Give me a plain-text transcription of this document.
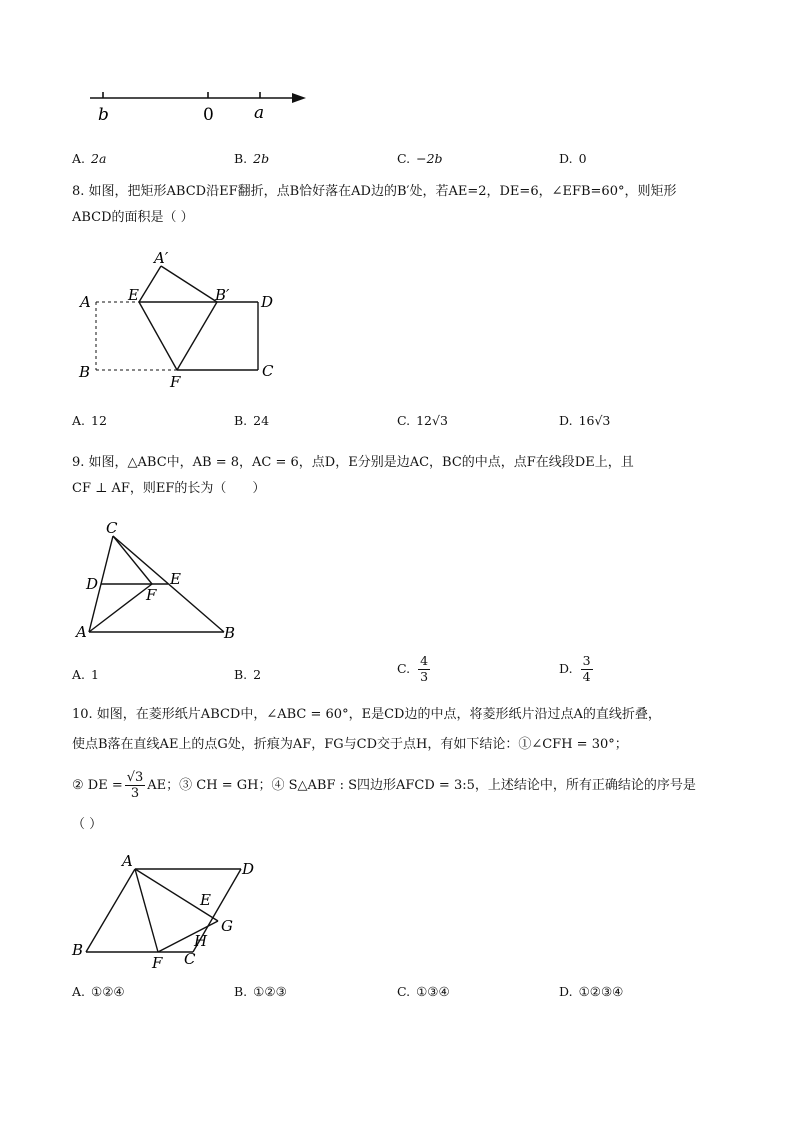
b	0 a
A. 2a	B. 2b	C. −2b	D. 0
8. 如图，把矩形ABCD沿EF翻折，点B恰好落在AD边的B′处，若AE=2，DE=6，∠EFB=60°，则矩形
ABCD的面积是（ ）
A′
A E	B′ D
B
F
C
A. 12	B. 24	C. 12√3	D. 16√3
9. 如图，△ABC中，AB = 8，AC = 6，点D，E分别是边AC，BC的中点，点F在线段DE上，且
CF ⊥ AF，则EF的长为（　　）
C
D	E
F
A	B
A. 1	B. 2	C. $\frac{4}{3}$	D. $\frac{3}{4}$
10. 如图，在菱形纸片ABCD中，∠ABC = 60°，E是CD边的中点，将菱形纸片沿过点A的直线折叠，
使点B落在直线AE上的点G处，折痕为AF，FG与CD交于点H，有如下结论：①∠CFH = 30°；
② DE = $\frac{√3}{3}$ AE；③ CH = GH；④ S△ABF : S四边形AFCD = 3:5，上述结论中，所有正确结论的序号是
（ ）
A	D
E
G
H
B
F C
A. ①②④	B. ①②③	C. ①③④	D. ①②③④
